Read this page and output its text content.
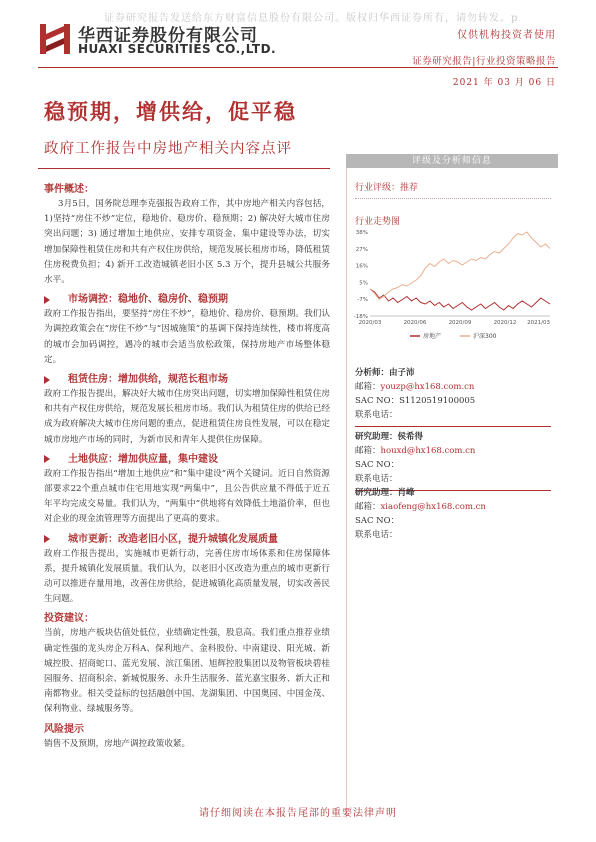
证券研究报告发送给东方财富信息股份有限公司。版权归华西证券所有，请勿转发。p
华西证券股份有限公司
HUAXI SECURITIES CO.,LTD.
仅供机构投资者使用
证券研究报告|行业投资策略报告
2021 年 03 月 06 日
稳预期，增供给，促平稳
政府工作报告中房地产相关内容点评
事件概述：
3月5日，国务院总理李克强报告政府工作，其中房地产相关内容包括，1)坚持“房住不炒”定位，稳地价、稳房价、稳预期；2) 解决好大城市住房突出问题；3) 通过增加土地供应、安排专项资金、集中建设等办法，切实增加保障性租赁住房和共有产权住房供给，规范发展长租房市场，降低租赁住房税费负担；4) 新开工改造城镇老旧小区 5.3 万个，提升县城公共服务水平。
市场调控：稳地价、稳房价、稳预期
政府工作报告指出，要坚持“房住不炒”，稳地价、稳房价、稳预期。我们认为调控政策会在“房住不炒”与“因城施策”的基调下保持连续性，楼市将度高的城市会加码调控，遇冷的城市会适当放松政策，保持房地产市场整体稳定。
租赁住房：增加供给，规范长租市场
政府工作报告提出，解决好大城市住房突出问题，切实增加保障性租赁住房和共有产权住房供给，规范发展长租房市场。我们认为租赁住房的供给已经成为政府解决大城市住房问题的重点，促进租赁住房良性发展，可以在稳定城市房地产市场的同时，为新市民和青年人提供住房保障。
土地供应：增加供应量，集中建设
政府工作报告指出“增加土地供应”和“集中建设”两个关键词。近日自然资源部要求22个重点城市住宅用地实现“两集中”，且公告供应量不得低于近五年平均完成交易量。我们认为，“两集中”供地将有效降低土地溢价率，但也对企业的现金流管理等方面提出了更高的要求。
城市更新：改造老旧小区，提升城镇化发展质量
政府工作报告提出，实施城市更新行动，完善住房市场体系和住房保障体系，提升城镇化发展质量。我们认为，以老旧小区改造为重点的城市更新行动可以推进存量用地，改善住房供给，促进城镇化高质量发展，切实改善民生问题。
投资建议：
当前，房地产板块估值处低位，业绩确定性强，股息高。我们重点推荐业绩确定性强的龙头房企万科A、保利地产、金科股份、中南建设、阳光城、新城控股、招商蛇口、蓝光发展、滨江集团、旭辉控股集团以及物管板块碧桂园服务、招商积余、新城悦服务、永升生活服务、蓝光嘉宝服务、新大正和南都物业。相关受益标的包括融创中国、龙湖集团、中国奥园、中国金茂、保利物业、绿城服务等。
风险提示
销售不及预期，房地产调控政策收紧。
评级及分析师信息
行业评级：推荐
行业走势图
38%
27%
16%
5%
-7%
-18%
2020/03	2020/06	2020/09	2020/12 2021/03
房地产	沪深300
分析师：由子沛
邮箱：youzp@hx168.com.cn
SAC NO：S1120519100005
联系电话：
研究助理：侯希得
邮箱：houxd@hx168.com.cn
SAC NO：
联系电话：
研究助理：肖峰
邮箱：xiaofeng@hx168.com.cn
SAC NO：
联系电话：
请仔细阅读在本报告尾部的重要法律声明
